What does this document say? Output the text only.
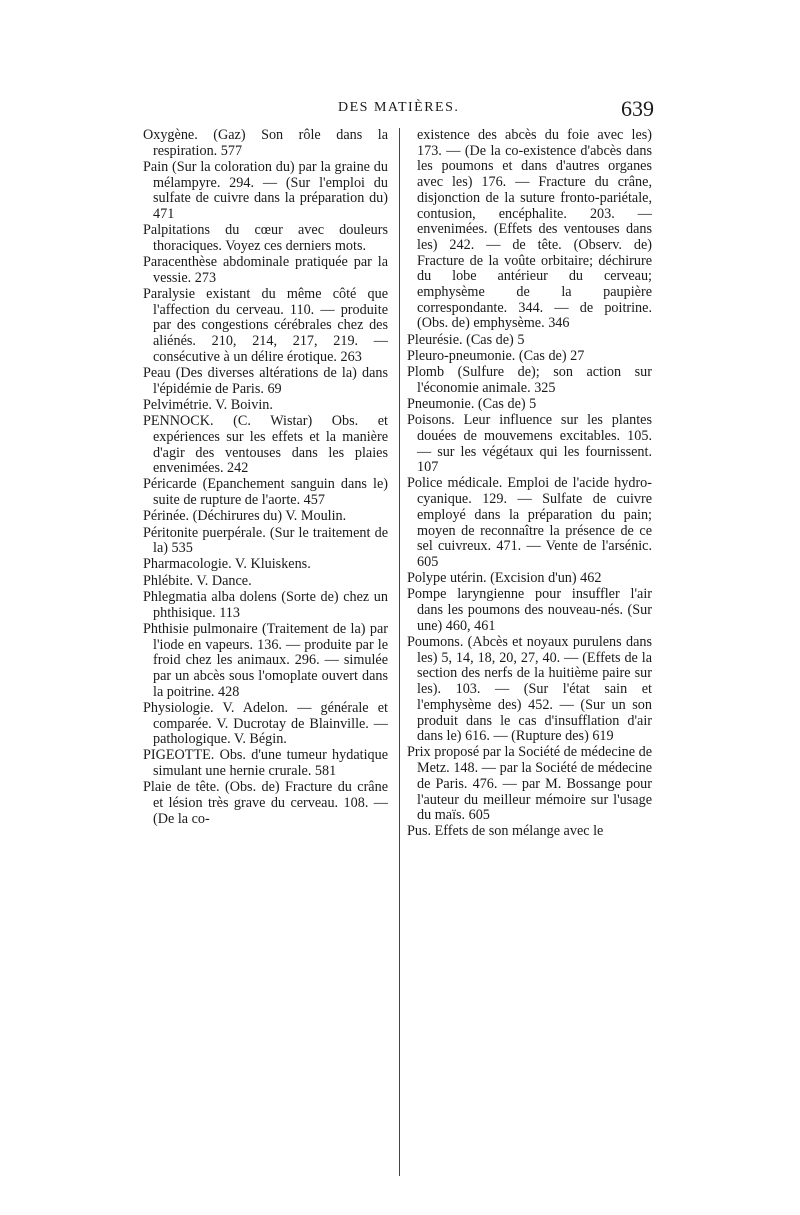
DES MATIÈRES.	639

Oxygène. (Gaz) Son rôle dans la respiration. 577

Pain (Sur la coloration du) par la graine du mélampyre. 294. — (Sur l'emploi du sulfate de cuivre dans la préparation du) 471

Palpitations du cœur avec douleurs thoraciques. Voyez ces derniers mots.

Paracenthèse abdominale pratiquée par la vessie. 273

Paralysie existant du même côté que l'affection du cerveau. 110. — produite par des congestions cérébrales chez des aliénés. 210, 214, 217, 219. — consécutive à un délire érotique. 263

Peau (Des diverses altérations de la) dans l'épidémie de Paris. 69

Pelvimétrie. V. Boivin.

PENNOCK. (C. Wistar) Obs. et expériences sur les effets et la manière d'agir des ventouses dans les plaies envenimées. 242

Péricarde (Epanchement sanguin dans le) suite de rupture de l'aorte. 457

Périnée. (Déchirures du) V. Moulin.

Péritonite puerpérale. (Sur le traitement de la) 535

Pharmacologie. V. Kluiskens.

Phlébite. V. Dance.

Phlegmatia alba dolens (Sorte de) chez un phthisique. 113

Phthisie pulmonaire (Traitement de la) par l'iode en vapeurs. 136. — produite par le froid chez les animaux. 296. — simulée par un abcès sous l'omoplate ouvert dans la poitrine. 428

Physiologie. V. Adelon. — générale et comparée. V. Ducrotay de Blainville. — pathologique. V. Bégin.

PIGEOTTE. Obs. d'une tumeur hydatique simulant une hernie crurale. 581

Plaie de tête. (Obs. de) Fracture du crâne et lésion très grave du cerveau. 108. — (De la co-

existence des abcès du foie avec les) 173. — (De la co-existence d'abcès dans les poumons et dans d'autres organes avec les) 176. — Fracture du crâne, disjonction de la suture fronto-pariétale, contusion, encéphalite. 203. — envenimées. (Effets des ventouses dans les) 242. — de tête. (Observ. de) Fracture de la voûte orbitaire; déchirure du lobe antérieur du cerveau; emphysème de la paupière correspondante. 344. — de poitrine. (Obs. de) emphysème. 346

Pleurésie. (Cas de) 5

Pleuro-pneumonie. (Cas de) 27

Plomb (Sulfure de); son action sur l'économie animale. 325

Pneumonie. (Cas de) 5

Poisons. Leur influence sur les plantes douées de mouvemens excitables. 105. — sur les végétaux qui les fournissent. 107

Police médicale. Emploi de l'acide hydro-cyanique. 129. — Sulfate de cuivre employé dans la préparation du pain; moyen de reconnaître la présence de ce sel cuivreux. 471. — Vente de l'arsénic. 605

Polype utérin. (Excision d'un) 462

Pompe laryngienne pour insuffler l'air dans les poumons des nouveau-nés. (Sur une) 460, 461

Poumons. (Abcès et noyaux purulens dans les) 5, 14, 18, 20, 27, 40. — (Effets de la section des nerfs de la huitième paire sur les). 103. — (Sur l'état sain et l'emphysème des) 452. — (Sur un son produit dans le cas d'insufflation d'air dans le) 616. — (Rupture des) 619

Prix proposé par la Société de médecine de Metz. 148. — par la Société de médecine de Paris. 476. — par M. Bossange pour l'auteur du meilleur mémoire sur l'usage du maïs. 605

Pus. Effets de son mélange avec le
